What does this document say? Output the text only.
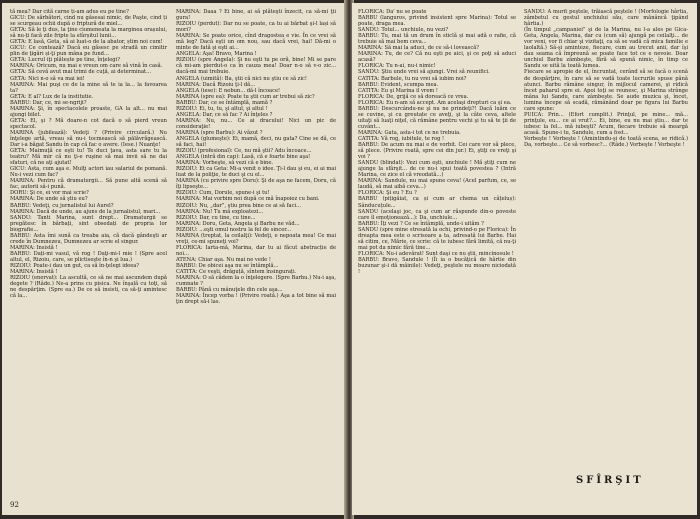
tă mea? Dar cită carne ți-am adus eu pe tine?
GICU: De sărbători, cind nu găsesai nimic, de Paşte, cind ți se scurgeau ochii după o friptură de miel...
GETA: Să le ţi dus, la ţine ciumeneata la marginea orașului, să nu-ți facă zile fripte la sfârșitul lunii...
GETA: E lasă, Geta, să ai luat-o de la abator, știm noi cum!
GICU: Ce contează? Dacă eu găsesc pe stradă un cimitir plin de ţigări și-ţi pun mâna pe fund...
GETA: Lucrul iţi plătește pe tine, înţelegi?
MARINA: Oricum, nu mai e vreun om care să vină în casă.
GETA: Să cevă avut mai trimi de cuţă, ai determinat...
GETA: Nici n-o să va mai iei!
MARINA: Mai puşi ce de la mine să te ia la... la favoarea ta?
GETA: E al? Lux de la institutie.
BARBU: Dar, ce, mi se-ngriji?
MARINA: Şi, în spectacolele proaste, GA la alt... nu mai ajungi bilet.
GETA: El, şi ? Mă doare-n cot dacă o să pierd vreun spectacol.
MARINA (jubilează): Vedeţi ? (Privire circulară.) Nu înţelege artă, vreau să nu-i tocmească să pălăvrăgească. Dar i-a băgat Sandu în cap că fac o avere. (Iese.) Nuanţe!
GETA: Maimuţă ce eşti tu! Te duci ţava, asta sare tu la teatru? Mă mir că nu ţi-e ruşine să mai invii să ne dai sfaturi, că ne aţi ajutat!
GICU: Asta, cum aşa e. Mulţi actori iau salariul de pomană. Nu-i vezi cum fac?
MARINA: Pentru că dramaturgii... Să pune altă scenă să fac, autorii să-i pună.
DORU: Şi ce, ei vor mai scrie?
MARINA: De unde să ştiu eu?
BARBU: Vedeţi, cu jurnalistul lui Aurel?
MARINA: Dacă de unde, au ajuns de la jurnalistul, mari...
SANDU: Tanti Marina, sunt drept... Dramaturgii se pregătesc în bărbați, sint obsedați de propria lor biografie...
BARBU: Asta îmi sună ca treaba aia, că dacă gândeşti ar crede în Dumnezeu, Dumnezeu ar scrie el singur.
MARINA: Insistă !
BARBU: Dați-mi vasul, vă rog ! Daţi-mi-l mie ! (Spre acel altul, el, Rizoiu, care, se plictiseşte în-n şi lua.)
RIZOIU: Poate-i dau un gut, ca să în-ţelegi ideea?
MARINA: Insistă !
RIZOIU (enervat): La ascultă, ce să ne mai ascundem după degete ? (Râde.) Ne-a prins cu pisica. Ne înşală cu toţi, să ne despărţim. (Spre ea.) De ce să insisti, ca să-ţi amintesc că la...
MARINA: Daaa ? Ei bine, ai să plăteşti înzecit, ca să-mi ţii gura!
RIZOIU (perdut): Dar nu se poate, ca tu ai bărbat şi-l lași să mori?
MARINA: Se poate orice, cînd dragostea e vie. În ce vrei să mă leg? Dacă eşti un om nou, sau dacă vrei, hai! Dă-mi o minte de fată şi eşti ai...
ANGELA: Aşa! Bravo, Marina !
RIZOIU (spre Angela): Şi nu eşti tu pe oră, bine! Mi se pare că mi-am pierdut-o ca în cauza mea! Doar n-o să v-o zic... dacă-mi mai trebuie.
ANGELA (uimită): Ba, ştii că nici nu ştiu ce să zic!
MARINA: Dacă Rizoiu ţi-l dă...
ANGELA (iese): E nebun... dă-l încoace!
MARINA (spre ea): Poate tu ştii cum ar trebui să zic?
BARBU: Dar, ce se întâmplă, mamă ?
RIZOIU: Ei, tu, tu, şi altul, şi altul !
ANGELA: Dar, ce să fac ? Ai înţeles ?
MARINA: Nu, nu... Ce ai dracului! Nici un pic de consideraţie!
MARINA (spre Barbu): Ai văzut ?
ANGELA (glumeşte): Ei, mamă, deci, nu gata? Cine se dă, ce să faci, hai!
RIZOIU (profesional): Ce, nu mă ştii? Adu încoace...
ANGELA (intră din cap): Lasă, că e foarte bine aşa!
MARINA: Vorbeşte, să vezi că e bine.
RIZOIU: Ei ca Geta: Mi-a venit o idee. Ţi-l dau şi eu, ei ai mai luat de la poliţie, te duci şi cu el...
MARINA (cu privire spre Doru): Şi de aşa ne facem, Doru, că îţi lipseşte...
RIZOIU: Cum, Dorule, spune-i şi tu!
MARINA: Mai vorbim noi după ce mă înapoiez cu bani.
RIZOIU: Nu, „dar”, ştiu prea bine ce ai să faci...
MARINA: Nu! Tu mă exploatezi...
RIZOIU: Dar, cu tine, cu tine...
MARINA: Doru, Geta, Angela şi Barbu ne văd...
RIZOIU: ...eşti omul nostru la fel de sincer...
MARINA (treptat, la ceilalţi): Vedeţi, e nepoata mea! Ce mai vreţi, ce-mi spuneţi voi?
FLORICA: Iarta-mă, Marina, dar tu ai făcut abstracție de noi...
ATENA: Chiar aşa. Nu mai ne vede !
BARBU: De obicei aşa nu se întâmplă...
CATITA: Ce veşti, drăguță, sîntem însingurați.
MARINA: O să cădem la o înţelegere. (Spre Barbu.) Nu-i aşa, cumnate ?
BARBU: Până cu mânuţele din cele aşa...
MARINA: Încep vorba ! (Privire roată.) Aşa a tot bine să mai ţin drept să-i las.
92
FLORICA: Da' nu se poate
BARBU (languros, privind insistent spre Marina): Totul se poate, draga mea.
SANDU: Totul... unchiule, nu vezi?
BARBU: Tu, mai tă un drum în sticlă și mai adă o rafie, că trebuie să mai bem ceva...
MARINA: Să mai la aduci, de ce să-i lovească?
MARINA: Tu, de ce? Că nu eşti pe aici, şi ce poţi să aduci acasă?
FLORICA: Tu n-ai, nu-i nimic!
SANDU: Ştiu unde vrei să ajungi. Vrei să reunifici.
CATITA: Barbule, tu nu vrei să iubim noi?
BARBU: Evident, scumpa mea.
CATITA: Eu şi Marina il vrem !
FLORICA: De, grijă ce să doreacă ce vrea.
FLORICA: Eu n-am să accept. Am acelaşi drepturi ca şi ea.
BARBU: Descurcându-ne şi nu ne prindeţi?! Dacă luăm ce se cuvine, şi cu greutate ce aveţi, şi la câte ceva, altele uitaţi să luaţi niţel, că rămâne pentru vechi şi tu să te ţii de cuvânt...
MARINA: Gata, asta-i tot ce ne trebuia.
CATITA: Vă rog, iubitule, te rog !
BARBU: De acum nu mai e de vorbit. Cei care vor să plece, să plece. (Privire roată, spre cei din jur.) Ei, ştiţi ce vreţi şi voi ?
SANDU (blindat): Vezi cum eşti, unchiule ! Mă ştiţi cum ne ajunge la sfârşit... de ce nu-i spui toată povestea ? (Intră Marina, ce zice el că vreodată...)
MARINA: Sandule, nu mai spune ceva! (Acel parfum, ce, se laudă, să mai aibă ceva...)
FLORICA: Şi eu ? Eu ?
BARBU (pițigăiat, ca și cum ar chema un câțeluș): Sânducuțule...
SANDU (acelaşi joc, ca şi cum ar răspunde din-o poveste care îl emoţionează...): Da, unchiule...
BARBU: Îţi vezi ? Ce se întâmplă, unde-i uităm ?
SANDU (spre mine stresată la ochi, privind-o pe Florica): În dreapta mea este o scrisoare a ta, adresată lui Barbu. Hai să citim, ce, Mărie, ce scrie: că te iubesc fără limită, că nu-ţi mai pot da nimic fără tine...
FLORICA: Nu-i adevărat! Sunt daşi ce nu ştii, mincinosule !
BARBU: Bravo, Sandule ! (Îi ia o bucăţică de hârtie din buzunar şi-i dă mâinile): Vedeţi, peştele nu moare niciodată !
SANDU: A murit peştele, trăiască peştele ! (Morfologie hârtia, zâmbetul cu gestul unchiului său, care mănâncă ţipând hârtia.)
(În timpul „campaniei” şi de la Marina, nu l-a ales pe Gica-Geta, Angela, Marina, dar cu (cum să) ajungă pe ceilalţi... de vor veni, vor fi chiar şi vizitaţi, ca să se vadă că mica familie e laolaltă.) Să-şi aminteze, fiecare, cum au trecut anii, dar îşi dau seama că împreună se poate face tot ce e nevoie. Doar unchiul Barbu zâmbeşte, fără să spună nimic, în timp ce Sandu se uită la toată lumea.
Fiecare se apropie de el, încruntat, cerând să se facă o scenă de despărţire, în care să se vadă toate lucrurile spuse până atunci. Barbu rămâne singur, în mijlocul camerei, şi ridică încet paharul spre ei. Apoi toţi se reunesc, şi Marina strânge mâna lui Sandu, care zâmbeşte. Se aude muzica şi, încet, lumina începe să scadă, rămânând doar pe figura lui Barbu care spune:
PUICA: Prin... (Efort cumplit.) Prinţul, pe mine... mă... prinţule, eu... ce ai vrut?... Ei, bine, eu nu mai ştiu... dar te iubesc la fel... mă iubeşti? Acum, fiecare trebuie să meargă acasă. Spune-i tu, Sandule, cum a fost...
Vorbeşte ! Vorbeşte ! (Amintindu-şi de toată scena, se ridică.) Da, vorbeşte... Ce să vorbesc?... (Râde.) Vorbeşte ! Vorbeşte !
SFÎRŞIT
